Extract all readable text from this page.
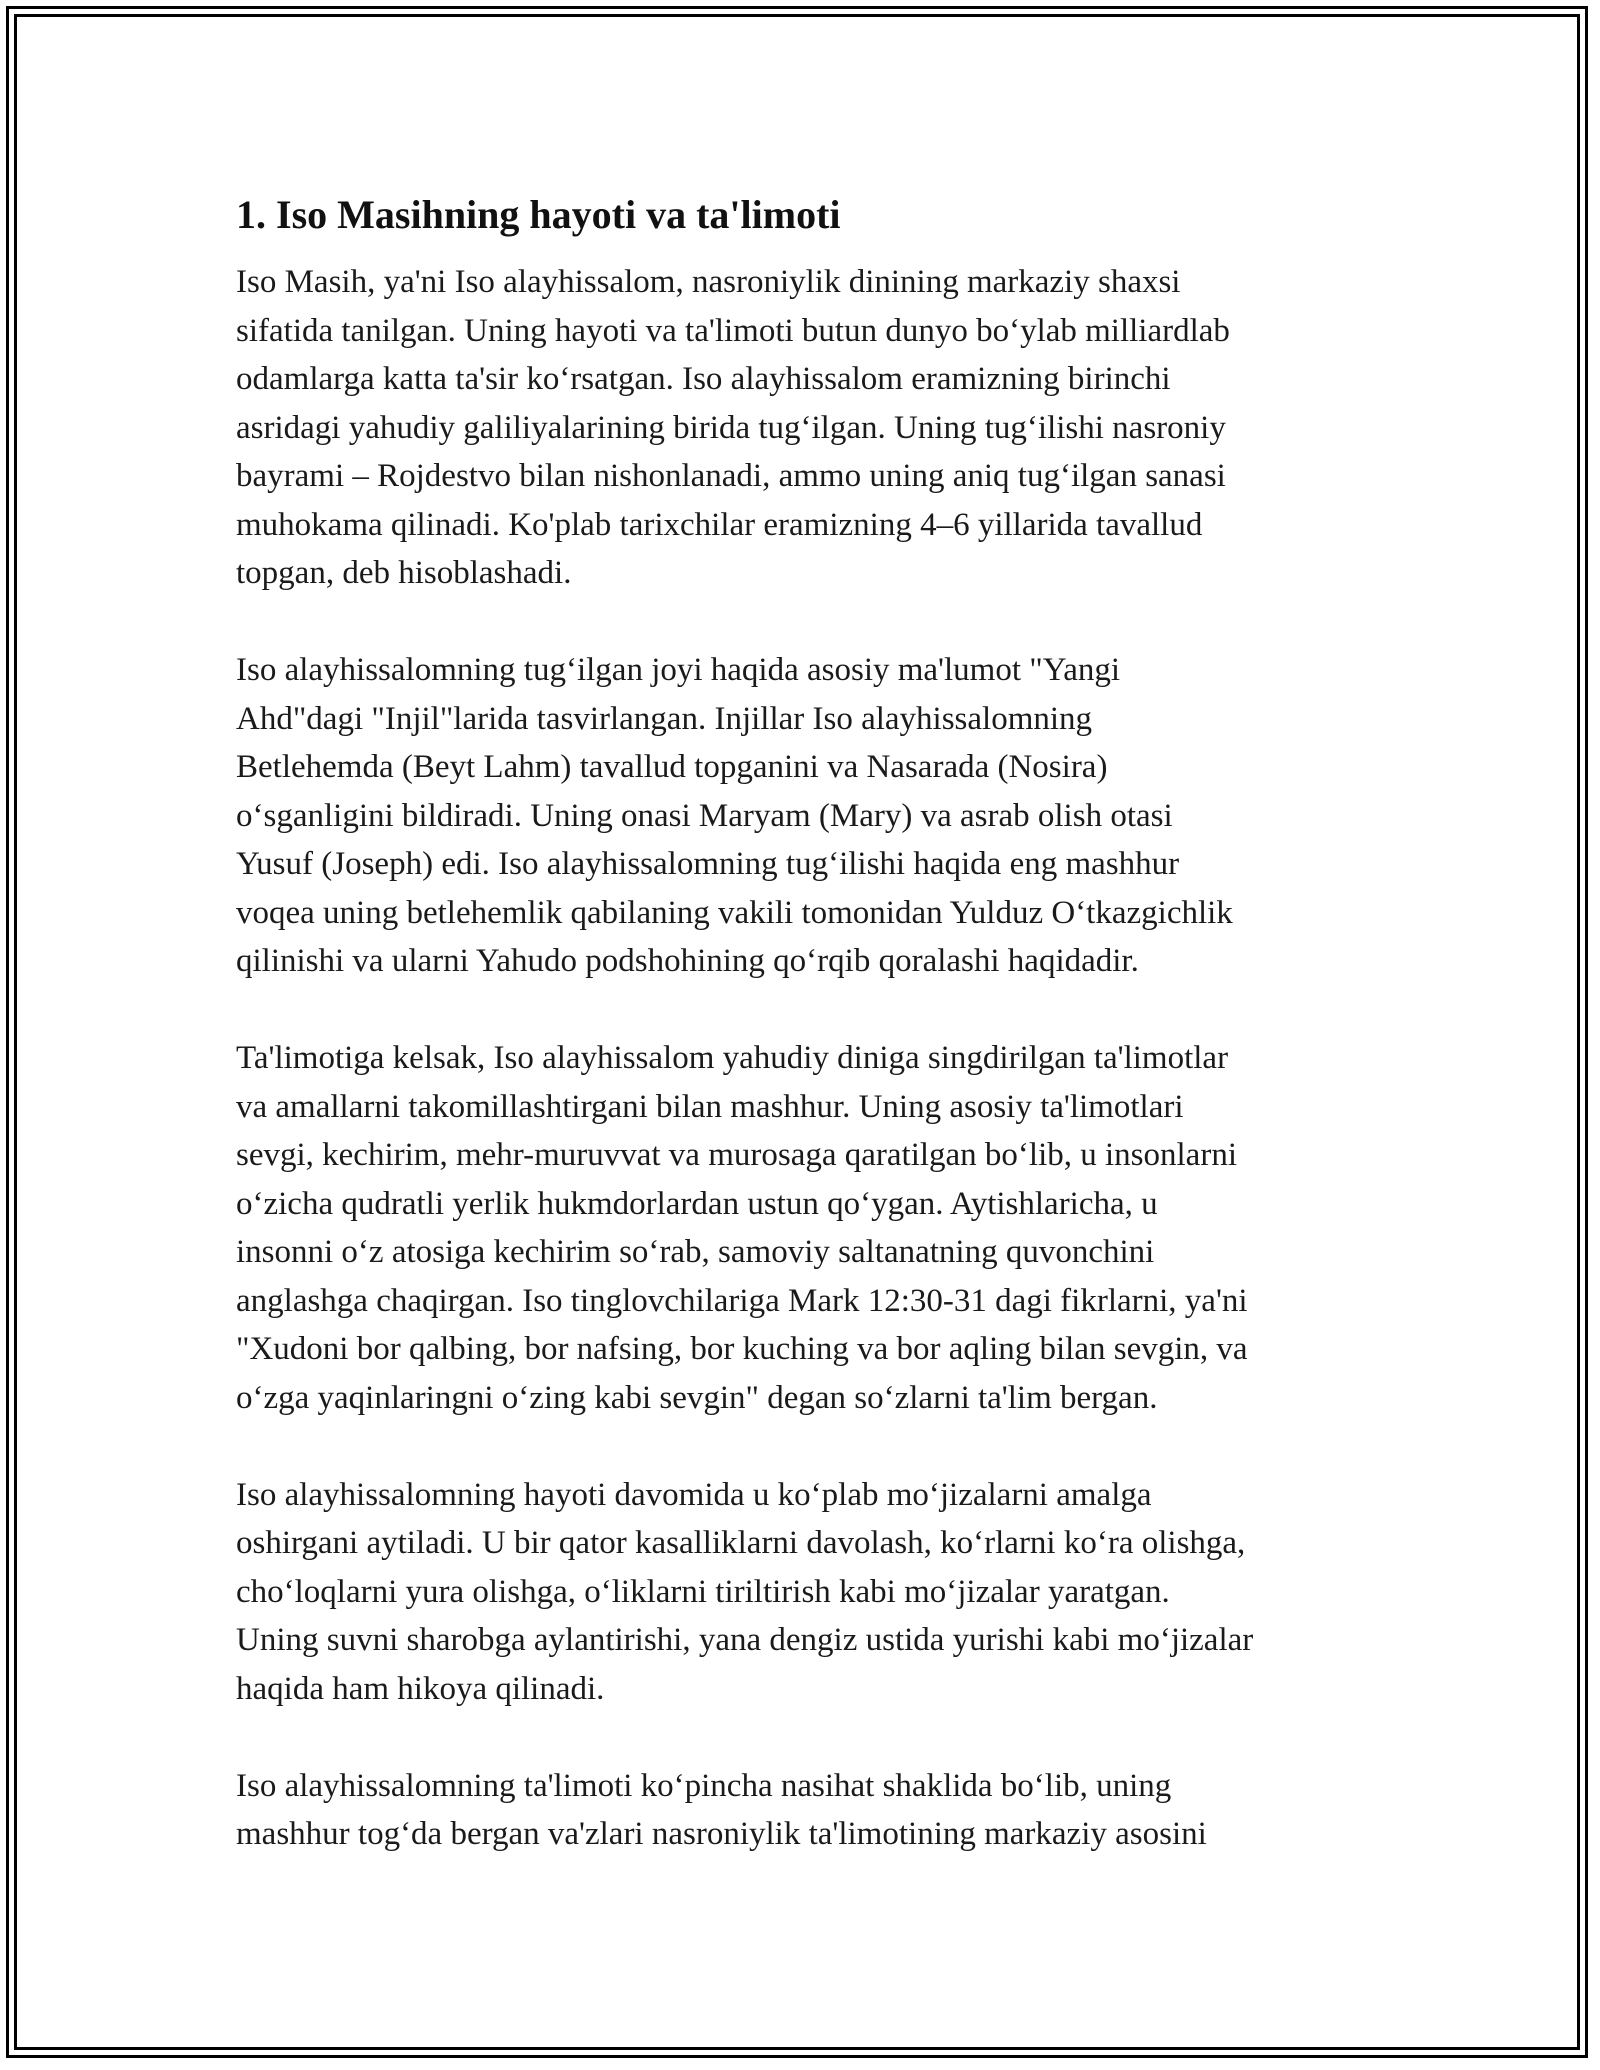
1. Iso Masihning hayoti va ta'limoti
Iso Masih, ya'ni Iso alayhissalom, nasroniylik dinining markaziy shaxsi
sifatida tanilgan. Uning hayoti va ta'limoti butun dunyo bo‘ylab milliardlab
odamlarga katta ta'sir ko‘rsatgan. Iso alayhissalom eramizning birinchi
asridagi yahudiy galiliyalarining birida tug‘ilgan. Uning tug‘ilishi nasroniy
bayrami – Rojdestvo bilan nishonlanadi, ammo uning aniq tug‘ilgan sanasi
muhokama qilinadi. Ko'plab tarixchilar eramizning 4–6 yillarida tavallud
topgan, deb hisoblashadi.
Iso alayhissalomning tug‘ilgan joyi haqida asosiy ma'lumot "Yangi
Ahd"dagi "Injil"larida tasvirlangan. Injillar Iso alayhissalomning
Betlehemda (Beyt Lahm) tavallud topganini va Nasarada (Nosira)
o‘sganligini bildiradi. Uning onasi Maryam (Mary) va asrab olish otasi
Yusuf (Joseph) edi. Iso alayhissalomning tug‘ilishi haqida eng mashhur
voqea uning betlehemlik qabilaning vakili tomonidan Yulduz O‘tkazgichlik
qilinishi va ularni Yahudo podshohining qo‘rqib qoralashi haqidadir.
Ta'limotiga kelsak, Iso alayhissalom yahudiy diniga singdirilgan ta'limotlar
va amallarni takomillashtirgani bilan mashhur. Uning asosiy ta'limotlari
sevgi, kechirim, mehr-muruvvat va murosaga qaratilgan bo‘lib, u insonlarni
o‘zicha qudratli yerlik hukmdorlardan ustun qo‘ygan. Aytishlaricha, u
insonni o‘z atosiga kechirim so‘rab, samoviy saltanatning quvonchini
anglashga chaqirgan. Iso tinglovchilariga Mark 12:30-31 dagi fikrlarni, ya'ni
"Xudoni bor qalbing, bor nafsing, bor kuching va bor aqling bilan sevgin, va
o‘zga yaqinlaringni o‘zing kabi sevgin" degan so‘zlarni ta'lim bergan.
Iso alayhissalomning hayoti davomida u ko‘plab mo‘jizalarni amalga
oshirgani aytiladi. U bir qator kasalliklarni davolash, ko‘rlarni ko‘ra olishga,
cho‘loqlarni yura olishga, o‘liklarni tiriltirish kabi mo‘jizalar yaratgan.
Uning suvni sharobga aylantirishi, yana dengiz ustida yurishi kabi mo‘jizalar
haqida ham hikoya qilinadi.
Iso alayhissalomning ta'limoti ko‘pincha nasihat shaklida bo‘lib, uning
mashhur tog‘da bergan va'zlari nasroniylik ta'limotining markaziy asosini
